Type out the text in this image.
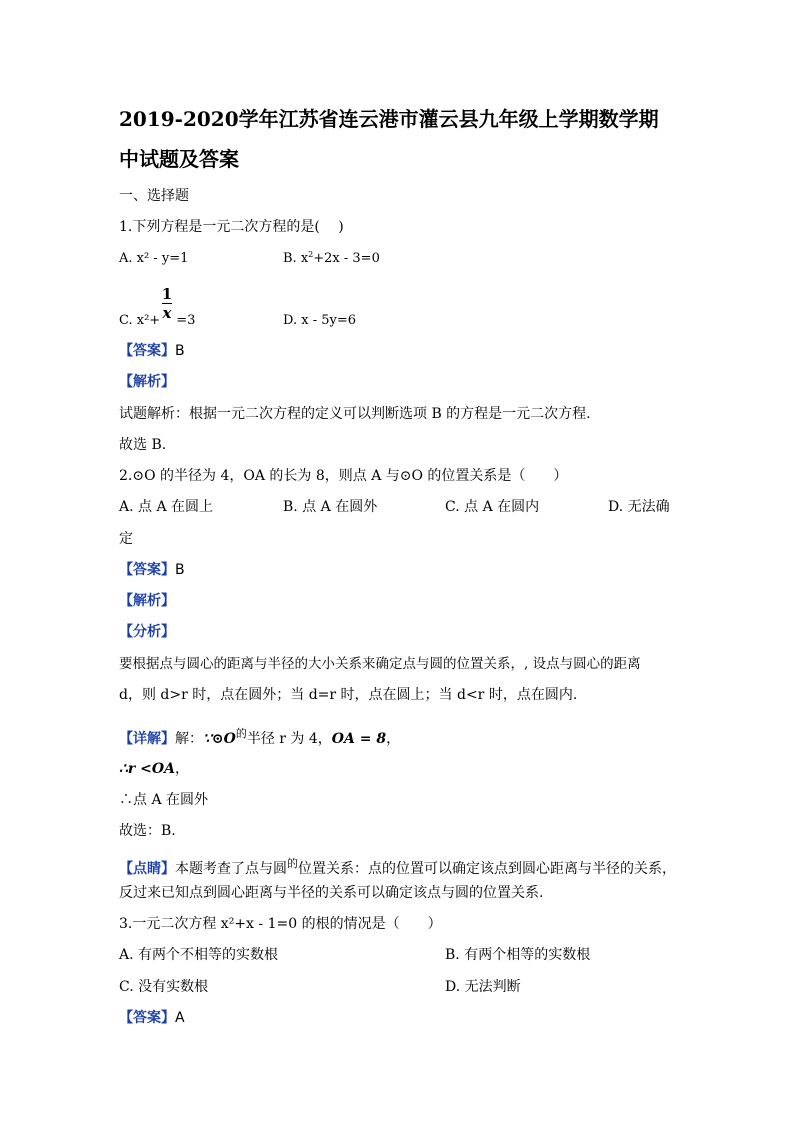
2019-2020学年江苏省连云港市灌云县九年级上学期数学期
中试题及答案
一、选择题
1.下列方程是一元二次方程的是(　 )
A. x² - y=1	B. $x^2+2x - 3=0$
1
x
C. x²+ =3	D. x - 5y=6
【答案】B
【解析】
试题解析：根据一元二次方程的定义可以判断选项 B 的方程是一元二次方程.
故选 B.
2.⊙O 的半径为 4，OA 的长为 8，则点 A 与⊙O 的位置关系是（　　）
A. 点 A 在圆上	B. 点 A 在圆外	C. 点 A 在圆内	D. 无法确
定
【答案】B
【解析】
【分析】
要根据点与圆心的距离与半径的大小关系来确定点与圆的位置关系，, 设点与圆心的距离
d，则 d>r 时，点在圆外；当 d=r 时，点在圆上；当 d<r 时，点在圆内.
【详解】解：$\because⊙O^的$半径 r 为 4，OA = 8，
∴r <OA，
∴点 A 在圆外
故选：B.
【点睛】本题考查了点与圆$^的$位置关系：点的位置可以确定该点到圆心距离与半径的关系，
反过来已知点到圆心距离与半径的关系可以确定该点与圆的位置关系.
3.一元二次方程 x²+x - 1=0 的根的情况是（　　）
A. 有两个不相等的实数根	B. 有两个相等的实数根
C. 没有实数根	D. 无法判断
【答案】A
